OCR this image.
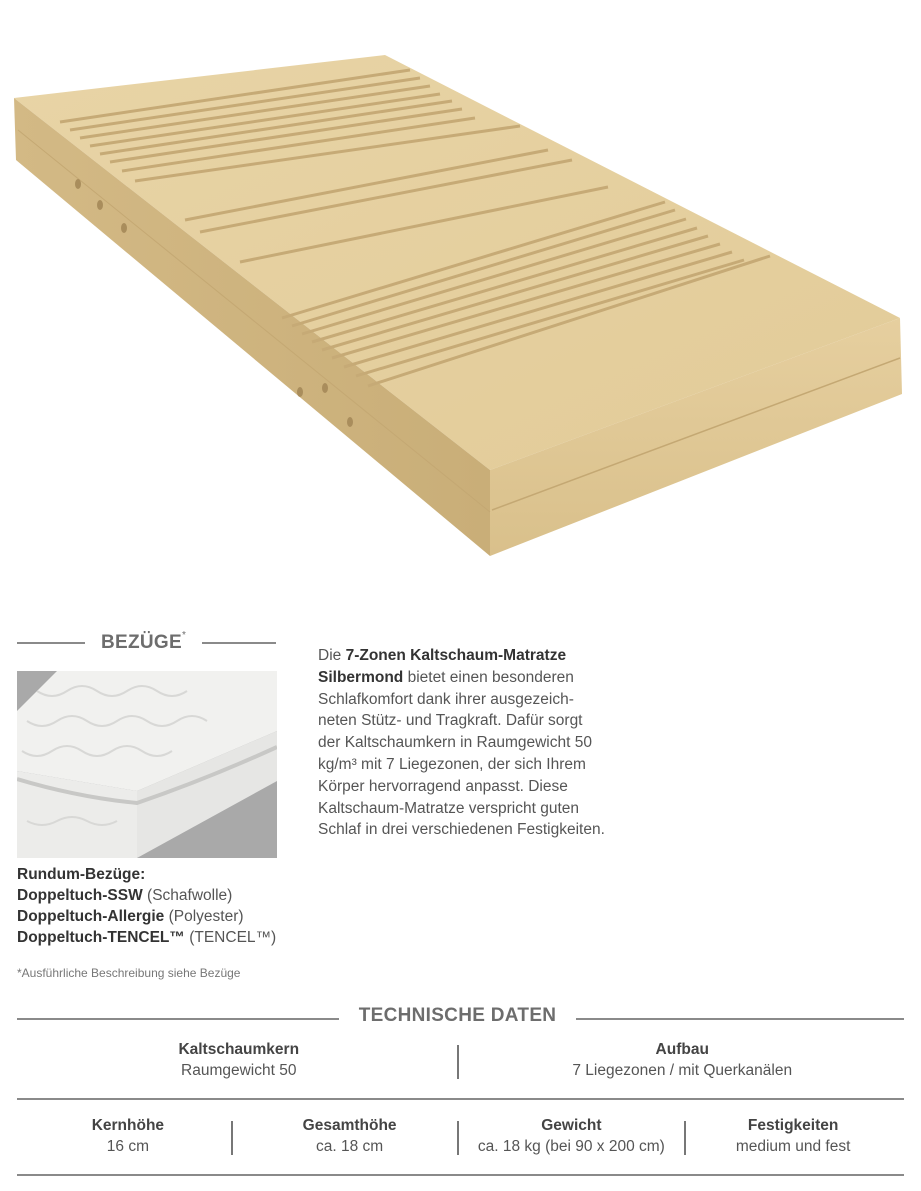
BEZÜGE*
Rundum-Bezüge:
Doppeltuch-SSW (Schafwolle)
Doppeltuch-Allergie (Polyester)
Doppeltuch-TENCEL™ (TENCEL™)
*Ausführliche Beschreibung siehe Bezüge
Die 7-Zonen Kaltschaum-Matratze Silbermond bietet einen besonderen Schlafkomfort dank ihrer ausgezeich-neten Stütz- und Tragkraft. Dafür sorgt der Kaltschaumkern in Raumgewicht 50 kg/m³ mit 7 Liegezonen, der sich Ihrem Körper hervorragend anpasst. Diese Kaltschaum-Matratze verspricht guten Schlaf in drei verschiedenen Festigkeiten.
TECHNISCHE DATEN
Kaltschaumkern
Raumgewicht 50
Aufbau
7 Liegezonen / mit Querkanälen
Kernhöhe
16 cm
Gesamthöhe
ca. 18 cm
Gewicht
ca. 18 kg (bei 90 x 200 cm)
Festigkeiten
medium und fest
